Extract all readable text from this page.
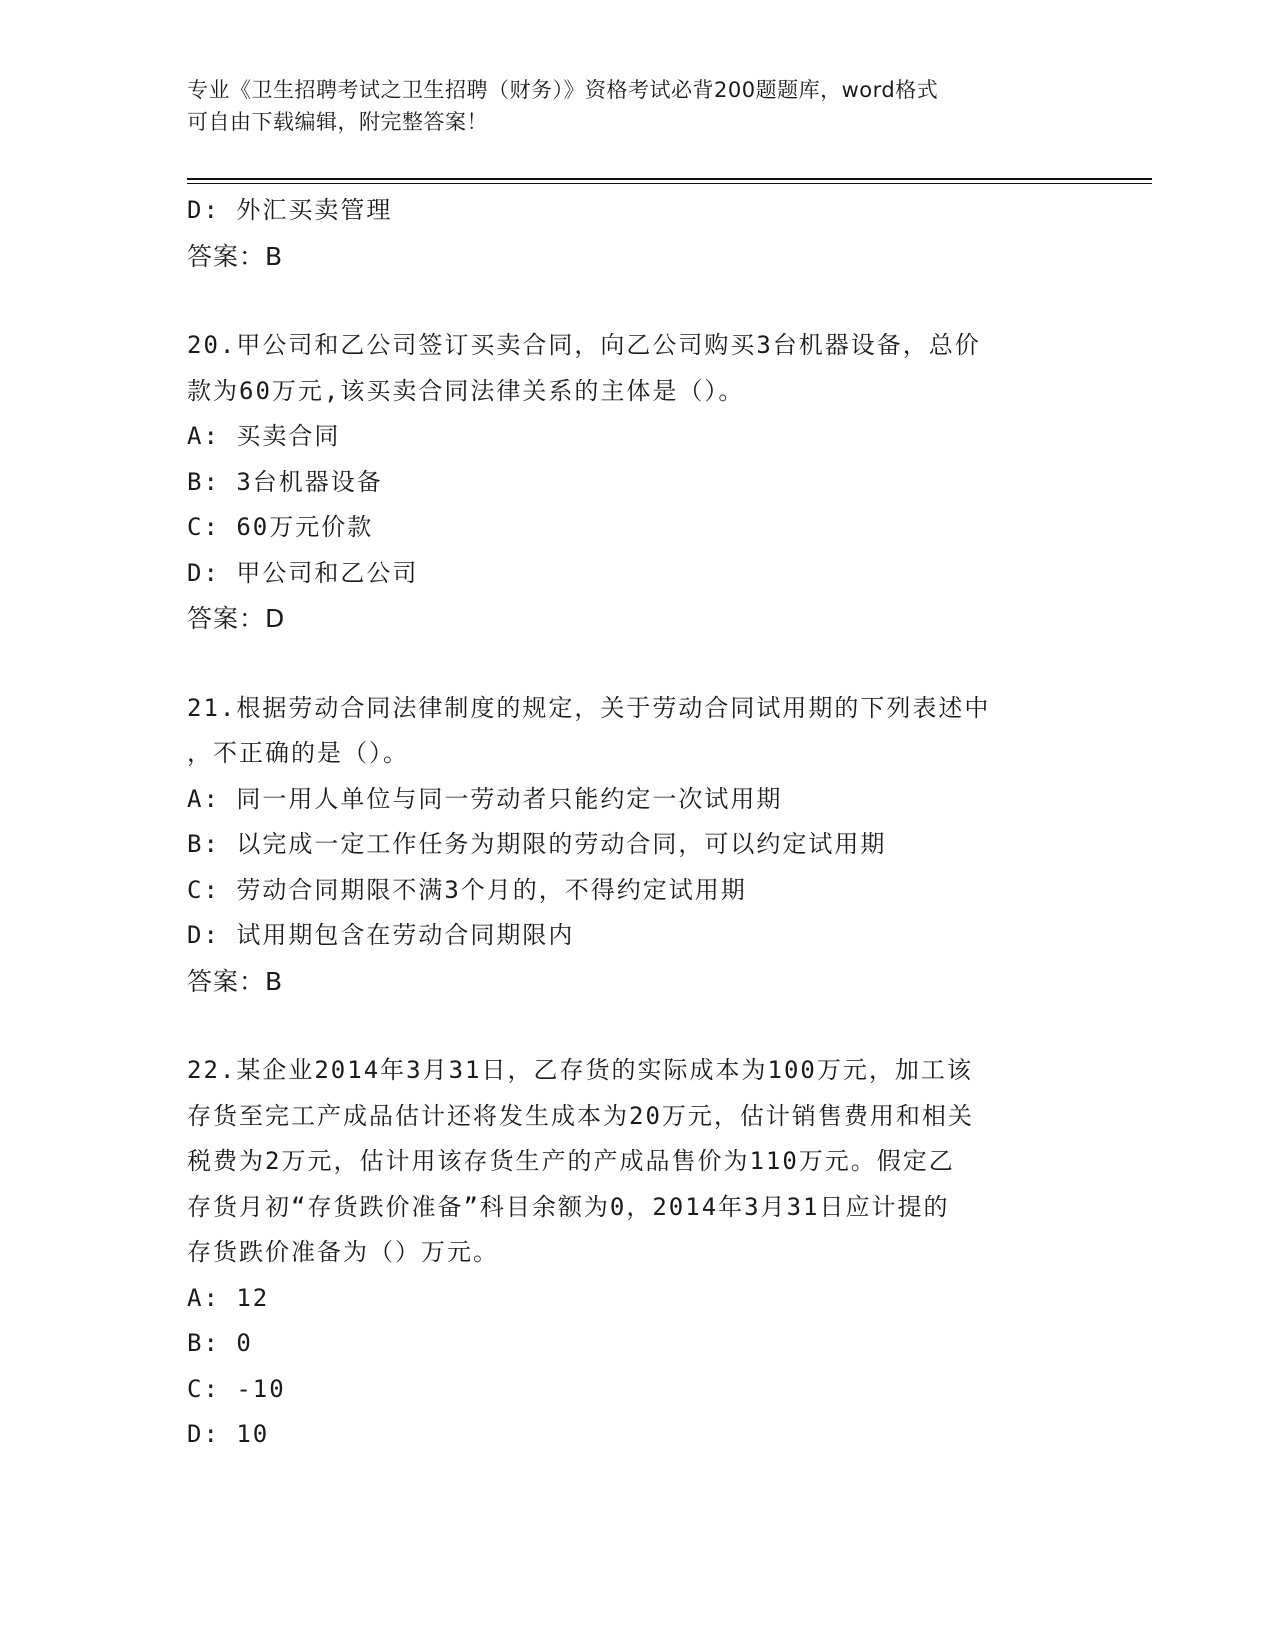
专业《卫生招聘考试之卫生招聘（财务）》资格考试必背200题题库，word格式
可自由下载编辑，附完整答案！
D: 外汇买卖管理
答案：B
20.甲公司和乙公司签订买卖合同，向乙公司购买3台机器设备，总价
款为60万元,该买卖合同法律关系的主体是（）。
A: 买卖合同
B: 3台机器设备
C: 60万元价款
D: 甲公司和乙公司
答案：D
21.根据劳动合同法律制度的规定，关于劳动合同试用期的下列表述中
，不正确的是（）。
A: 同一用人单位与同一劳动者只能约定一次试用期
B: 以完成一定工作任务为期限的劳动合同，可以约定试用期
C: 劳动合同期限不满3个月的，不得约定试用期
D: 试用期包含在劳动合同期限内
答案：B
22.某企业2014年3月31日，乙存货的实际成本为100万元，加工该
存货至完工产成品估计还将发生成本为20万元，估计销售费用和相关
税费为2万元，估计用该存货生产的产成品售价为110万元。假定乙
存货月初“存货跌价准备”科目余额为0，2014年3月31日应计提的
存货跌价准备为（）万元。
A: 12
B: 0
C: -10
D: 10
